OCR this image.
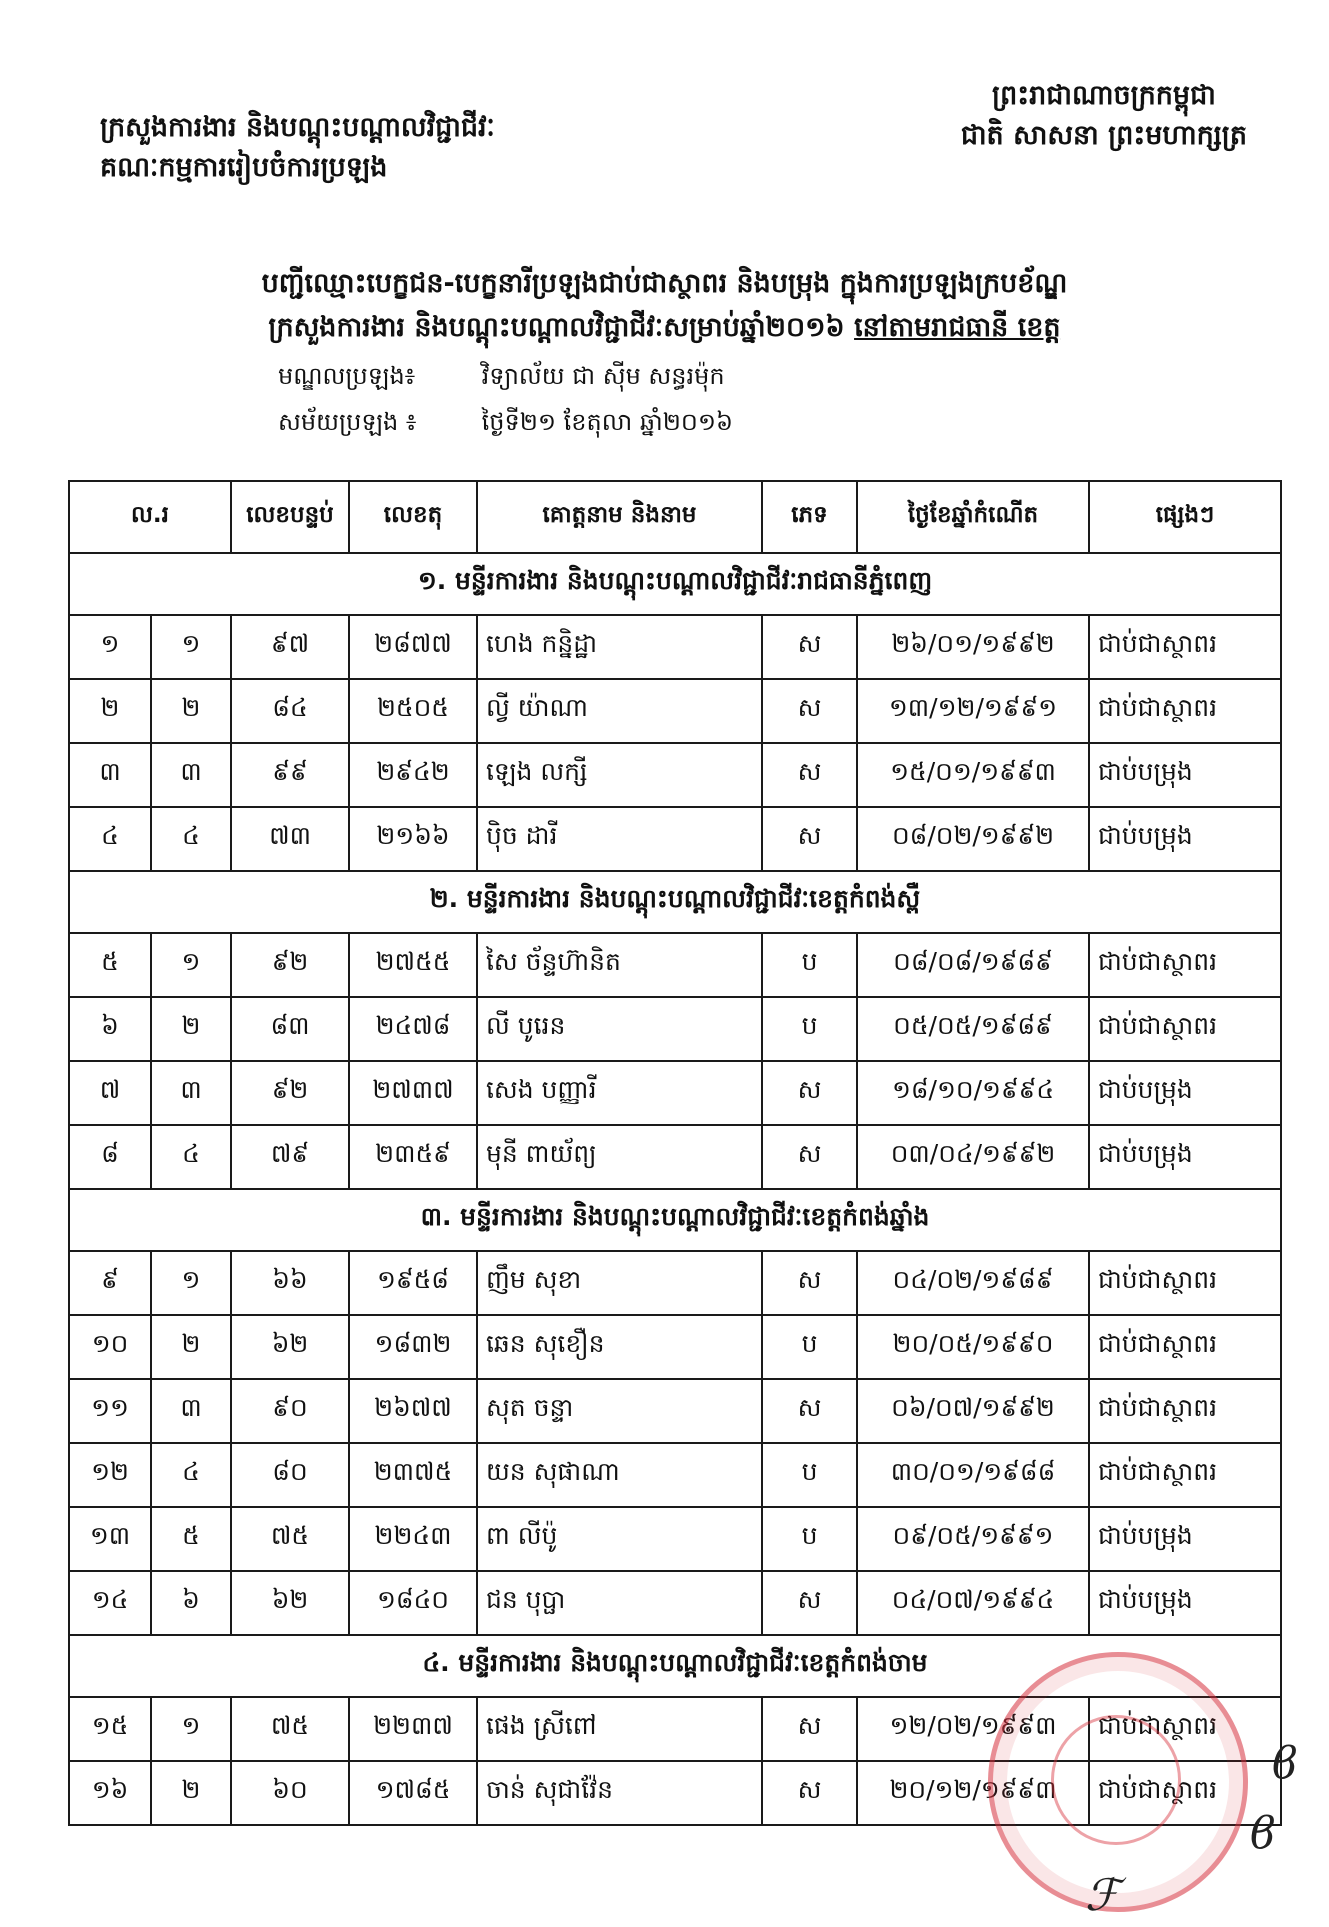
ព្រះរាជាណាចក្រកម្ពុជា
ជាតិ សាសនា ព្រះមហាក្សត្រ
ក្រសួងការងារ និងបណ្តុះបណ្តាលវិជ្ជាជីវៈ
គណៈកម្មការរៀបចំការប្រឡង
បញ្ជីឈ្មោះបេក្ខជន-បេក្ខនារីប្រឡងជាប់ជាស្ថាពរ និងបម្រុង ក្នុងការប្រឡងក្របខ័ណ្ឌ
ក្រសួងការងារ និងបណ្តុះបណ្តាលវិជ្ជាជីវៈសម្រាប់ឆ្នាំ២០១៦ នៅតាមរាជធានី ខេត្ត
មណ្ឌលប្រឡង៖	វិទ្យាល័យ ជា ស៊ីម សន្ធរម៉ុក
សម័យប្រឡង ៖	ថ្ងៃទី២១ ខែតុលា ឆ្នាំ២០១៦
ល.រ		លេខបន្ទប់	លេខតុ	គោត្តនាម និងនាម	ភេទ	ថ្ងៃខែឆ្នាំកំណើត	ផ្សេងៗ
១. មន្ទីរការងារ និងបណ្តុះបណ្តាលវិជ្ជាជីវៈរាជធានីភ្នំពេញ							
១	១	៩៧	២៨៧៧	ហេង កន្និដ្ឋា	ស	២៦/០១/១៩៩២	ជាប់ជាស្ថាពរ
២	២	៨៤	២៥០៥	លី្វ យ៉ាណា	ស	១៣/១២/១៩៩១	ជាប់ជាស្ថាពរ
៣	៣	៩៩	២៩៤២	ឡេង លក្សី	ស	១៥/០១/១៩៩៣	ជាប់បម្រុង
៤	៤	៧៣	២១៦៦	ប៉ិច ដារី	ស	០៨/០២/១៩៩២	ជាប់បម្រុង
២. មន្ទីរការងារ និងបណ្តុះបណ្តាលវិជ្ជាជីវៈខេត្តកំពង់ស្ពឺ							
៥	១	៩២	២៧៥៥	សៃ ច័ន្ទហ៊ានិត	ប	០៨/០៨/១៩៨៩	ជាប់ជាស្ថាពរ
៦	២	៨៣	២៤៧៨	លី បូរេន	ប	០៥/០៥/១៩៨៩	ជាប់ជាស្ថាពរ
៧	៣	៩២	២៧៣៧	សេង បញ្ញារី	ស	១៨/១០/១៩៩៤	ជាប់បម្រុង
៨	៤	៧៩	២៣៥៩	មុនី ពាយ័ព្យ	ស	០៣/០៤/១៩៩២	ជាប់បម្រុង
៣. មន្ទីរការងារ និងបណ្តុះបណ្តាលវិជ្ជាជីវៈខេត្តកំពង់ឆ្នាំង							
៩	១	៦៦	១៩៥៨	ញឹម សុខា	ស	០៤/០២/១៩៨៩	ជាប់ជាស្ថាពរ
១០	២	៦២	១៨៣២	ឆេន សុខឿន	ប	២០/០៥/១៩៩០	ជាប់ជាស្ថាពរ
១១	៣	៩០	២៦៧៧	សុត ចន្ទា	ស	០៦/០៧/១៩៩២	ជាប់ជាស្ថាពរ
១២	៤	៨០	២៣៧៥	យន សុផាណា	ប	៣០/០១/១៩៨៨	ជាប់ជាស្ថាពរ
១៣	៥	៧៥	២២៤៣	ពា លីប៉ូ	ប	០៩/០៥/១៩៩១	ជាប់បម្រុង
១៤	៦	៦២	១៨៤០	ជន បុប្ផា	ស	០៤/០៧/១៩៩៤	ជាប់បម្រុង
៤. មន្ទីរការងារ និងបណ្តុះបណ្តាលវិជ្ជាជីវៈខេត្តកំពង់ចាម							
១៥	១	៧៥	២២៣៧	ផេង ស្រីពៅ	ស	១២/០២/១៩៩៣	ជាប់ជាស្ថាពរ
១៦	២	៦០	១៧៨៥	ចាន់ សុជាវ៉ែន	ស	២០/១២/១៩៩៣	ជាប់ជាស្ថាពរ
ϐ
ϐ
ℱ
